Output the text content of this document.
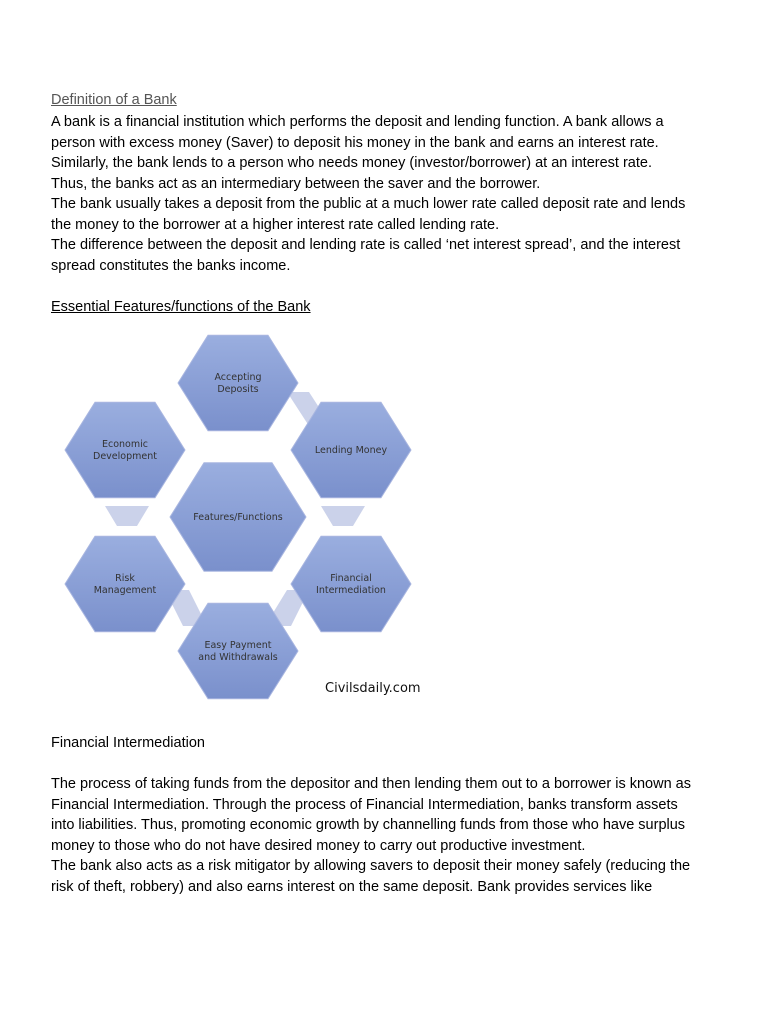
Definition of a Bank

A bank is a financial institution which performs the deposit and lending function. A bank allows a

person with excess money (Saver) to deposit his money in the bank and earns an interest rate.

Similarly, the bank lends to a person who needs money (investor/borrower) at an interest rate.

Thus, the banks act as an intermediary between the saver and the borrower.

The bank usually takes a deposit from the public at a much lower rate called deposit rate and lends

the money to the borrower at a higher interest rate called lending rate.

The difference between the deposit and lending rate is called ‘net interest spread’, and the interest

spread constitutes the banks income.

Essential Features/functions of the Bank
Accepting
Deposits
Economic
Development
Lending Money
Features/Functions
Risk
Management
Financial
Intermediation
Easy Payment
and Withdrawals
Civilsdaily.com
Financial Intermediation

The process of taking funds from the depositor and then lending them out to a borrower is known as

Financial Intermediation. Through the process of Financial Intermediation, banks transform assets

into liabilities. Thus, promoting economic growth by channelling funds from those who have surplus

money to those who do not have desired money to carry out productive investment.

The bank also acts as a risk mitigator by allowing savers to deposit their money safely (reducing the

risk of theft, robbery) and also earns interest on the same deposit. Bank provides services like
